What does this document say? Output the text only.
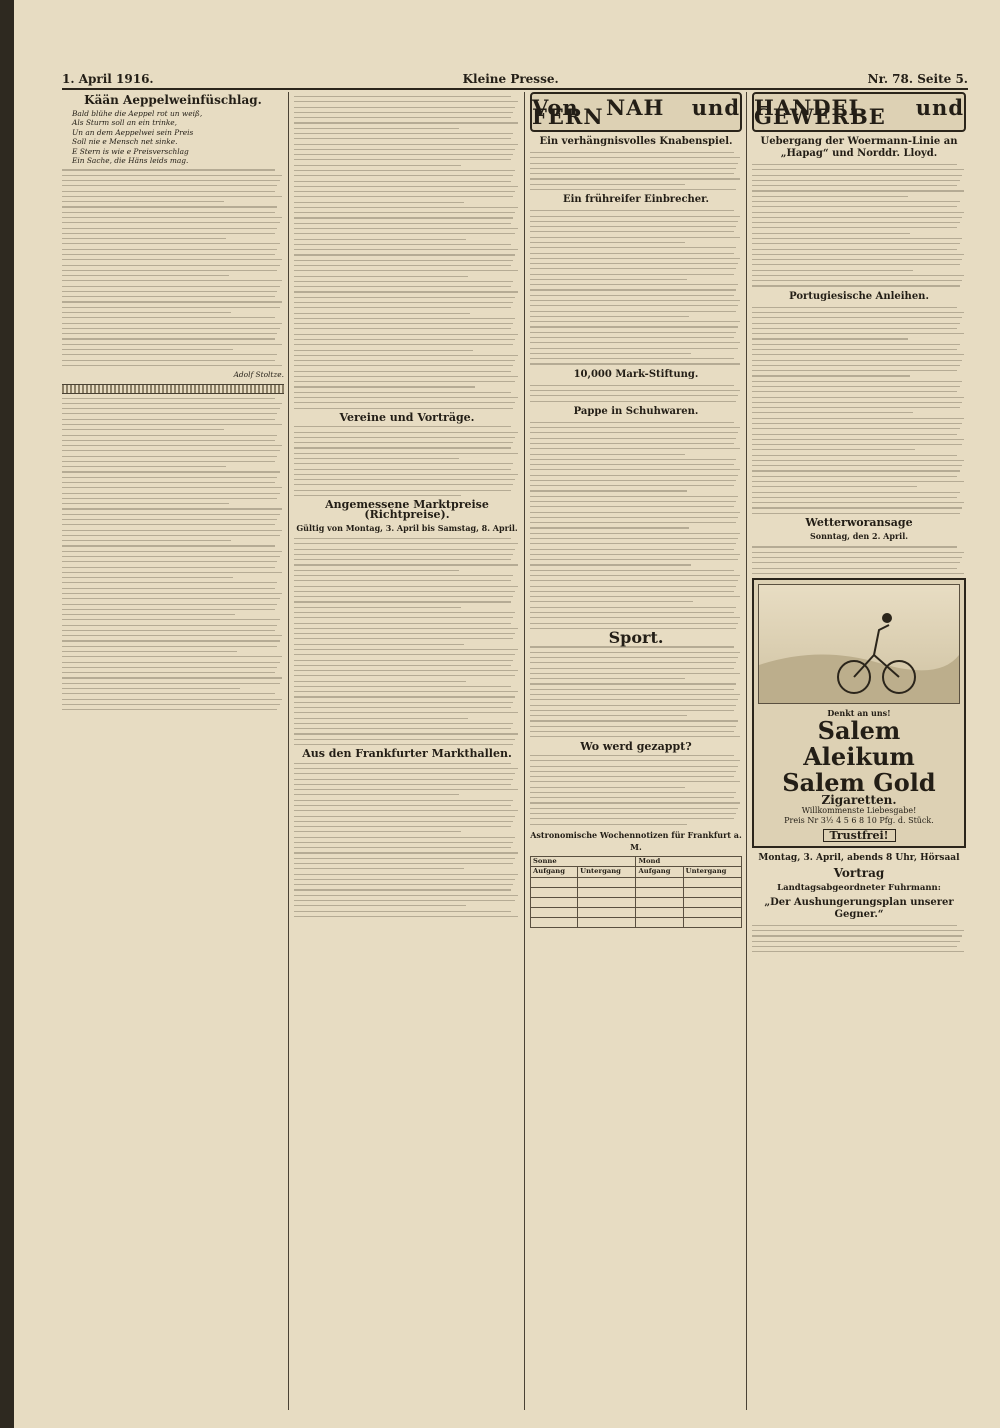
1. April 1916.	Kleine Presse.	Nr. 78. Seite 5.
Kään Aeppelweinfüschlag.
Bald blühe die Aeppel rot un weiß,
Als Sturm soll an ein trinke,
Un an dem Aeppelwei sein Preis
Soll nie e Mensch net sinke.
E Stern is wie e Preisverschlag
Ein Sache, die Häns leids mag.
Adolf Stoltze.
Vereine und Vorträge.
Angemessene Marktpreise (Richtpreise).
Gültig von Montag, 3. April bis Samstag, 8. April.
Aus den Frankfurter Markthallen.
Von NAH und FERN
Ein verhängnisvolles Knabenspiel.
Ein frühreifer Einbrecher.
10,000 Mark-Stiftung.
Pappe in Schuhwaren.
Sport.
Wo werd gezappt?
Astronomische Wochennotizen für Frankfurt a. M.
Sonne		Mond	
Aufgang	Untergang	Aufgang	Untergang

HANDEL und GEWERBE
Uebergang der Woermann-Linie an „Hapag“ und Norddr. Lloyd.
Portugiesische Anleihen.
Wetterworansage
Sonntag, den 2. April.
Denkt an uns!
Salem Aleikum
Salem Gold
Zigaretten.
Willkommenste Liebesgabe!
Preis Nr 3½ 4 5 6 8 10 Pfg. d. Stück.
Trustfrei!
Montag, 3. April, abends 8 Uhr, Hörsaal
Vortrag
Landtagsabgeordneter Fuhrmann:
„Der Aushungerungsplan unserer Gegner.“
